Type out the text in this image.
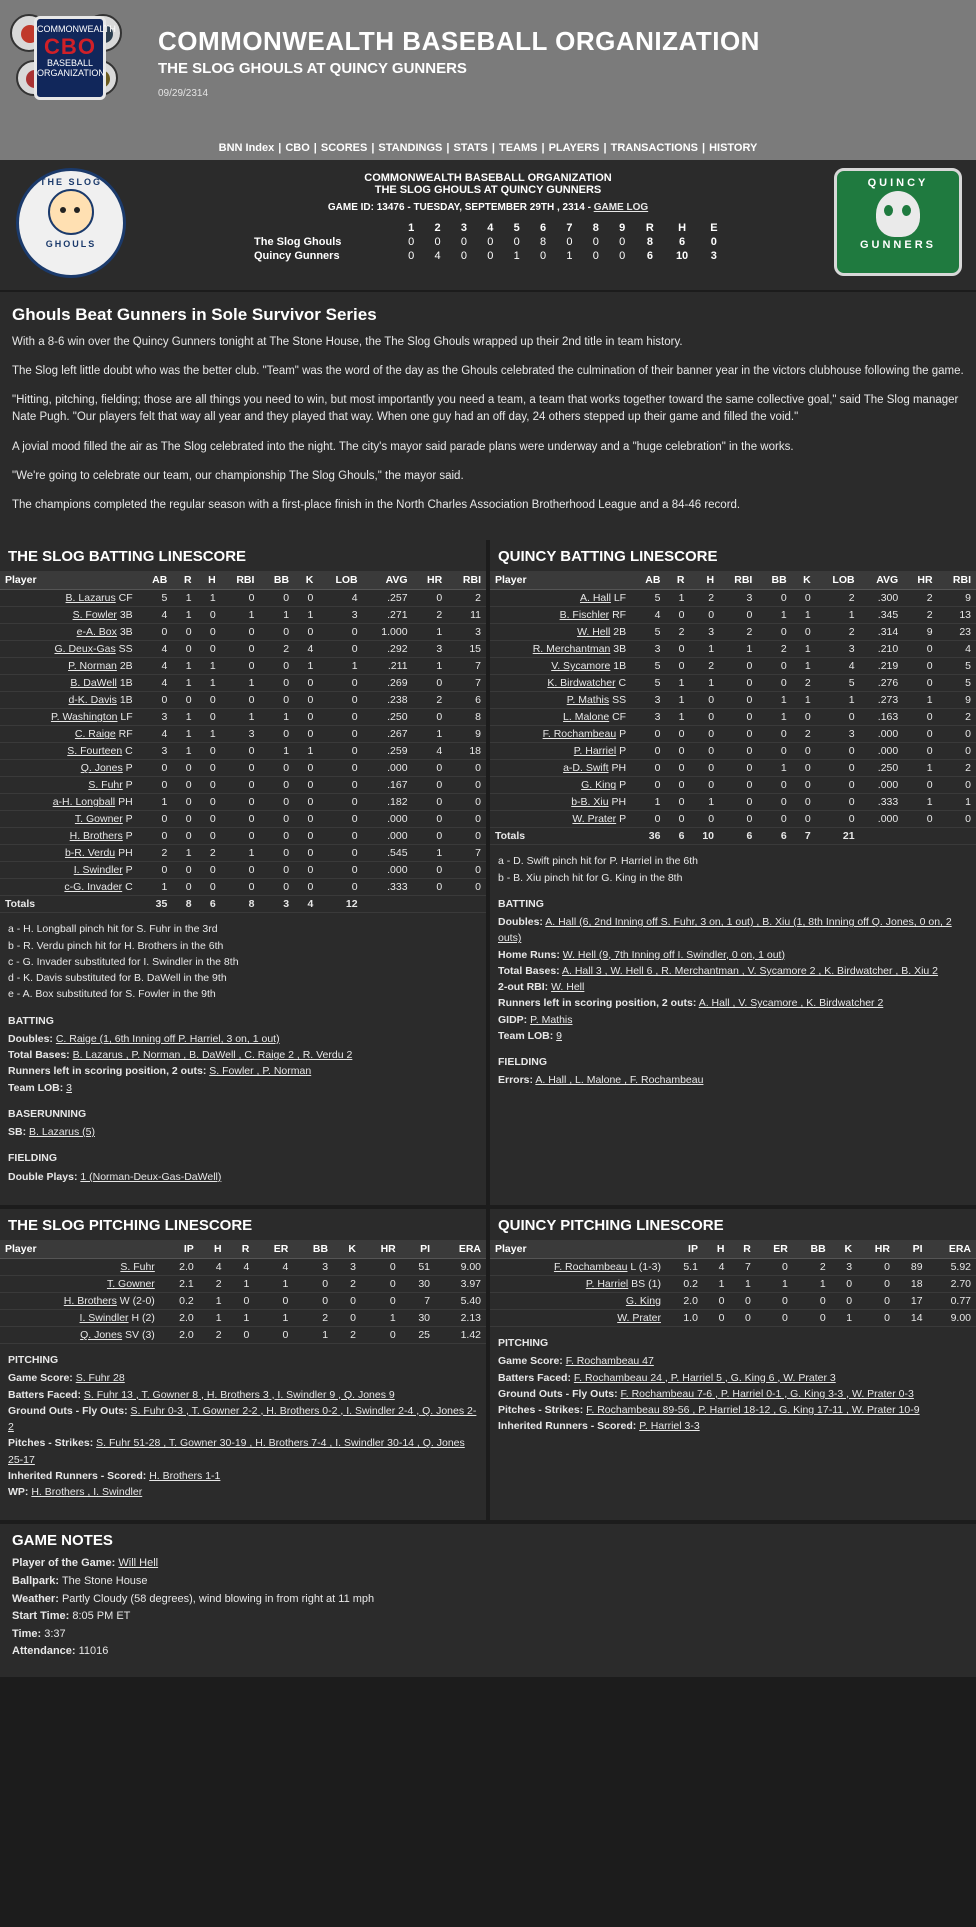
COMMONWEALTH
CBO
BASEBALL
ORGANIZATION
COMMONWEALTH BASEBALL ORGANIZATION
THE SLOG GHOULS AT QUINCY GUNNERS
09/29/2314
BNN Index | CBO | SCORES | STANDINGS | STATS | TEAMS | PLAYERS | TRANSACTIONS | HISTORY
THE SLOG
GHOULS
QUINCY
GUNNERS
COMMONWEALTH BASEBALL ORGANIZATION
THE SLOG GHOULS AT QUINCY GUNNERS
GAME ID: 13476 - TUESDAY, SEPTEMBER 29TH , 2314 - GAME LOG
	1	2	3	4	5	6	7	8	9	R	H	E
The Slog Ghouls	0	0	0	0	0	8	0	0	0	8	6	0
Quincy Gunners	0	4	0	0	1	0	1	0	0	6	10	3
Ghouls Beat Gunners in Sole Survivor Series

With a 8-6 win over the Quincy Gunners tonight at The Stone House, the The Slog Ghouls wrapped up their 2nd title in team history.

The Slog left little doubt who was the better club. "Team" was the word of the day as the Ghouls celebrated the culmination of their banner year in the victors clubhouse following the game.

"Hitting, pitching, fielding; those are all things you need to win, but most importantly you need a team, a team that works together toward the same collective goal," said The Slog manager Nate Pugh. "Our players felt that way all year and they played that way. When one guy had an off day, 24 others stepped up their game and filled the void."

A jovial mood filled the air as The Slog celebrated into the night. The city's mayor said parade plans were underway and a "huge celebration" in the works.

"We're going to celebrate our team, our championship The Slog Ghouls," the mayor said.

The champions completed the regular season with a first-place finish in the North Charles Association Brotherhood League and a 84-46 record.

THE SLOG BATTING LINESCORE
Player	AB	R	H	RBI	BB	K	LOB	AVG	HR	RBI
B. Lazarus CF	5	1	1	0	0	0	4	.257	0	2
S. Fowler 3B	4	1	0	1	1	1	3	.271	2	11
e-A. Box 3B	0	0	0	0	0	0	0	1.000	1	3
G. Deux-Gas SS	4	0	0	0	2	4	0	.292	3	15
P. Norman 2B	4	1	1	0	0	1	1	.211	1	7
B. DaWell 1B	4	1	1	1	0	0	0	.269	0	7
d-K. Davis 1B	0	0	0	0	0	0	0	.238	2	6
P. Washington LF	3	1	0	1	1	0	0	.250	0	8
C. Raige RF	4	1	1	3	0	0	0	.267	1	9
S. Fourteen C	3	1	0	0	1	1	0	.259	4	18
Q. Jones P	0	0	0	0	0	0	0	.000	0	0
S. Fuhr P	0	0	0	0	0	0	0	.167	0	0
a-H. Longball PH	1	0	0	0	0	0	0	.182	0	0
T. Gowner P	0	0	0	0	0	0	0	.000	0	0
H. Brothers P	0	0	0	0	0	0	0	.000	0	0
b-R. Verdu PH	2	1	2	1	0	0	0	.545	1	7
I. Swindler P	0	0	0	0	0	0	0	.000	0	0
c-G. Invader C	1	0	0	0	0	0	0	.333	0	0
Totals	35	8	6	8	3	4	12			
a - H. Longball pinch hit for S. Fuhr in the 3rd
b - R. Verdu pinch hit for H. Brothers in the 6th
c - G. Invader substituted for I. Swindler in the 8th
d - K. Davis substituted for B. DaWell in the 9th
e - A. Box substituted for S. Fowler in the 9th
BATTING
Doubles: C. Raige (1, 6th Inning off P. Harriel, 3 on, 1 out)
Total Bases: B. Lazarus , P. Norman , B. DaWell , C. Raige 2 , R. Verdu 2
Runners left in scoring position, 2 outs: S. Fowler , P. Norman
Team LOB: 3
BASERUNNING
SB: B. Lazarus (5)
FIELDING
Double Plays: 1 (Norman-Deux-Gas-DaWell)
QUINCY BATTING LINESCORE
Player	AB	R	H	RBI	BB	K	LOB	AVG	HR	RBI
A. Hall LF	5	1	2	3	0	0	2	.300	2	9
B. Fischler RF	4	0	0	0	1	1	1	.345	2	13
W. Hell 2B	5	2	3	2	0	0	2	.314	9	23
R. Merchantman 3B	3	0	1	1	2	1	3	.210	0	4
V. Sycamore 1B	5	0	2	0	0	1	4	.219	0	5
K. Birdwatcher C	5	1	1	0	0	2	5	.276	0	5
P. Mathis SS	3	1	0	0	1	1	1	.273	1	9
L. Malone CF	3	1	0	0	1	0	0	.163	0	2
F. Rochambeau P	0	0	0	0	0	2	3	.000	0	0
P. Harriel P	0	0	0	0	0	0	0	.000	0	0
a-D. Swift PH	0	0	0	0	1	0	0	.250	1	2
G. King P	0	0	0	0	0	0	0	.000	0	0
b-B. Xiu PH	1	0	1	0	0	0	0	.333	1	1
W. Prater P	0	0	0	0	0	0	0	.000	0	0
Totals	36	6	10	6	6	7	21			
a - D. Swift pinch hit for P. Harriel in the 6th
b - B. Xiu pinch hit for G. King in the 8th
BATTING
Doubles: A. Hall (6, 2nd Inning off S. Fuhr, 3 on, 1 out) , B. Xiu (1, 8th Inning off Q. Jones, 0 on, 2 outs)
Home Runs: W. Hell (9, 7th Inning off I. Swindler, 0 on, 1 out)
Total Bases: A. Hall 3 , W. Hell 6 , R. Merchantman , V. Sycamore 2 , K. Birdwatcher , B. Xiu 2
2-out RBI: W. Hell
Runners left in scoring position, 2 outs: A. Hall , V. Sycamore , K. Birdwatcher 2
GIDP: P. Mathis
Team LOB: 9
FIELDING
Errors: A. Hall , L. Malone , F. Rochambeau
THE SLOG PITCHING LINESCORE
Player	IP	H	R	ER	BB	K	HR	PI	ERA
S. Fuhr	2.0	4	4	4	3	3	0	51	9.00
T. Gowner	2.1	2	1	1	0	2	0	30	3.97
H. Brothers W (2-0)	0.2	1	0	0	0	0	0	7	5.40
I. Swindler H (2)	2.0	1	1	1	2	0	1	30	2.13
Q. Jones SV (3)	2.0	2	0	0	1	2	0	25	1.42
PITCHING
Game Score: S. Fuhr 28
Batters Faced: S. Fuhr 13 , T. Gowner 8 , H. Brothers 3 , I. Swindler 9 , Q. Jones 9
Ground Outs - Fly Outs: S. Fuhr 0-3 , T. Gowner 2-2 , H. Brothers 0-2 , I. Swindler 2-4 , Q. Jones 2-2
Pitches - Strikes: S. Fuhr 51-28 , T. Gowner 30-19 , H. Brothers 7-4 , I. Swindler 30-14 , Q. Jones 25-17
Inherited Runners - Scored: H. Brothers 1-1
WP: H. Brothers , I. Swindler
QUINCY PITCHING LINESCORE
Player	IP	H	R	ER	BB	K	HR	PI	ERA
F. Rochambeau L (1-3)	5.1	4	7	0	2	3	0	89	5.92
P. Harriel BS (1)	0.2	1	1	1	1	0	0	18	2.70
G. King	2.0	0	0	0	0	0	0	17	0.77
W. Prater	1.0	0	0	0	0	1	0	14	9.00
PITCHING
Game Score: F. Rochambeau 47
Batters Faced: F. Rochambeau 24 , P. Harriel 5 , G. King 6 , W. Prater 3
Ground Outs - Fly Outs: F. Rochambeau 7-6 , P. Harriel 0-1 , G. King 3-3 , W. Prater 0-3
Pitches - Strikes: F. Rochambeau 89-56 , P. Harriel 18-12 , G. King 17-11 , W. Prater 10-9
Inherited Runners - Scored: P. Harriel 3-3
GAME NOTES
Player of the Game: Will Hell
Ballpark: The Stone House
Weather: Partly Cloudy (58 degrees), wind blowing in from right at 11 mph
Start Time: 8:05 PM ET
Time: 3:37
Attendance: 11016
